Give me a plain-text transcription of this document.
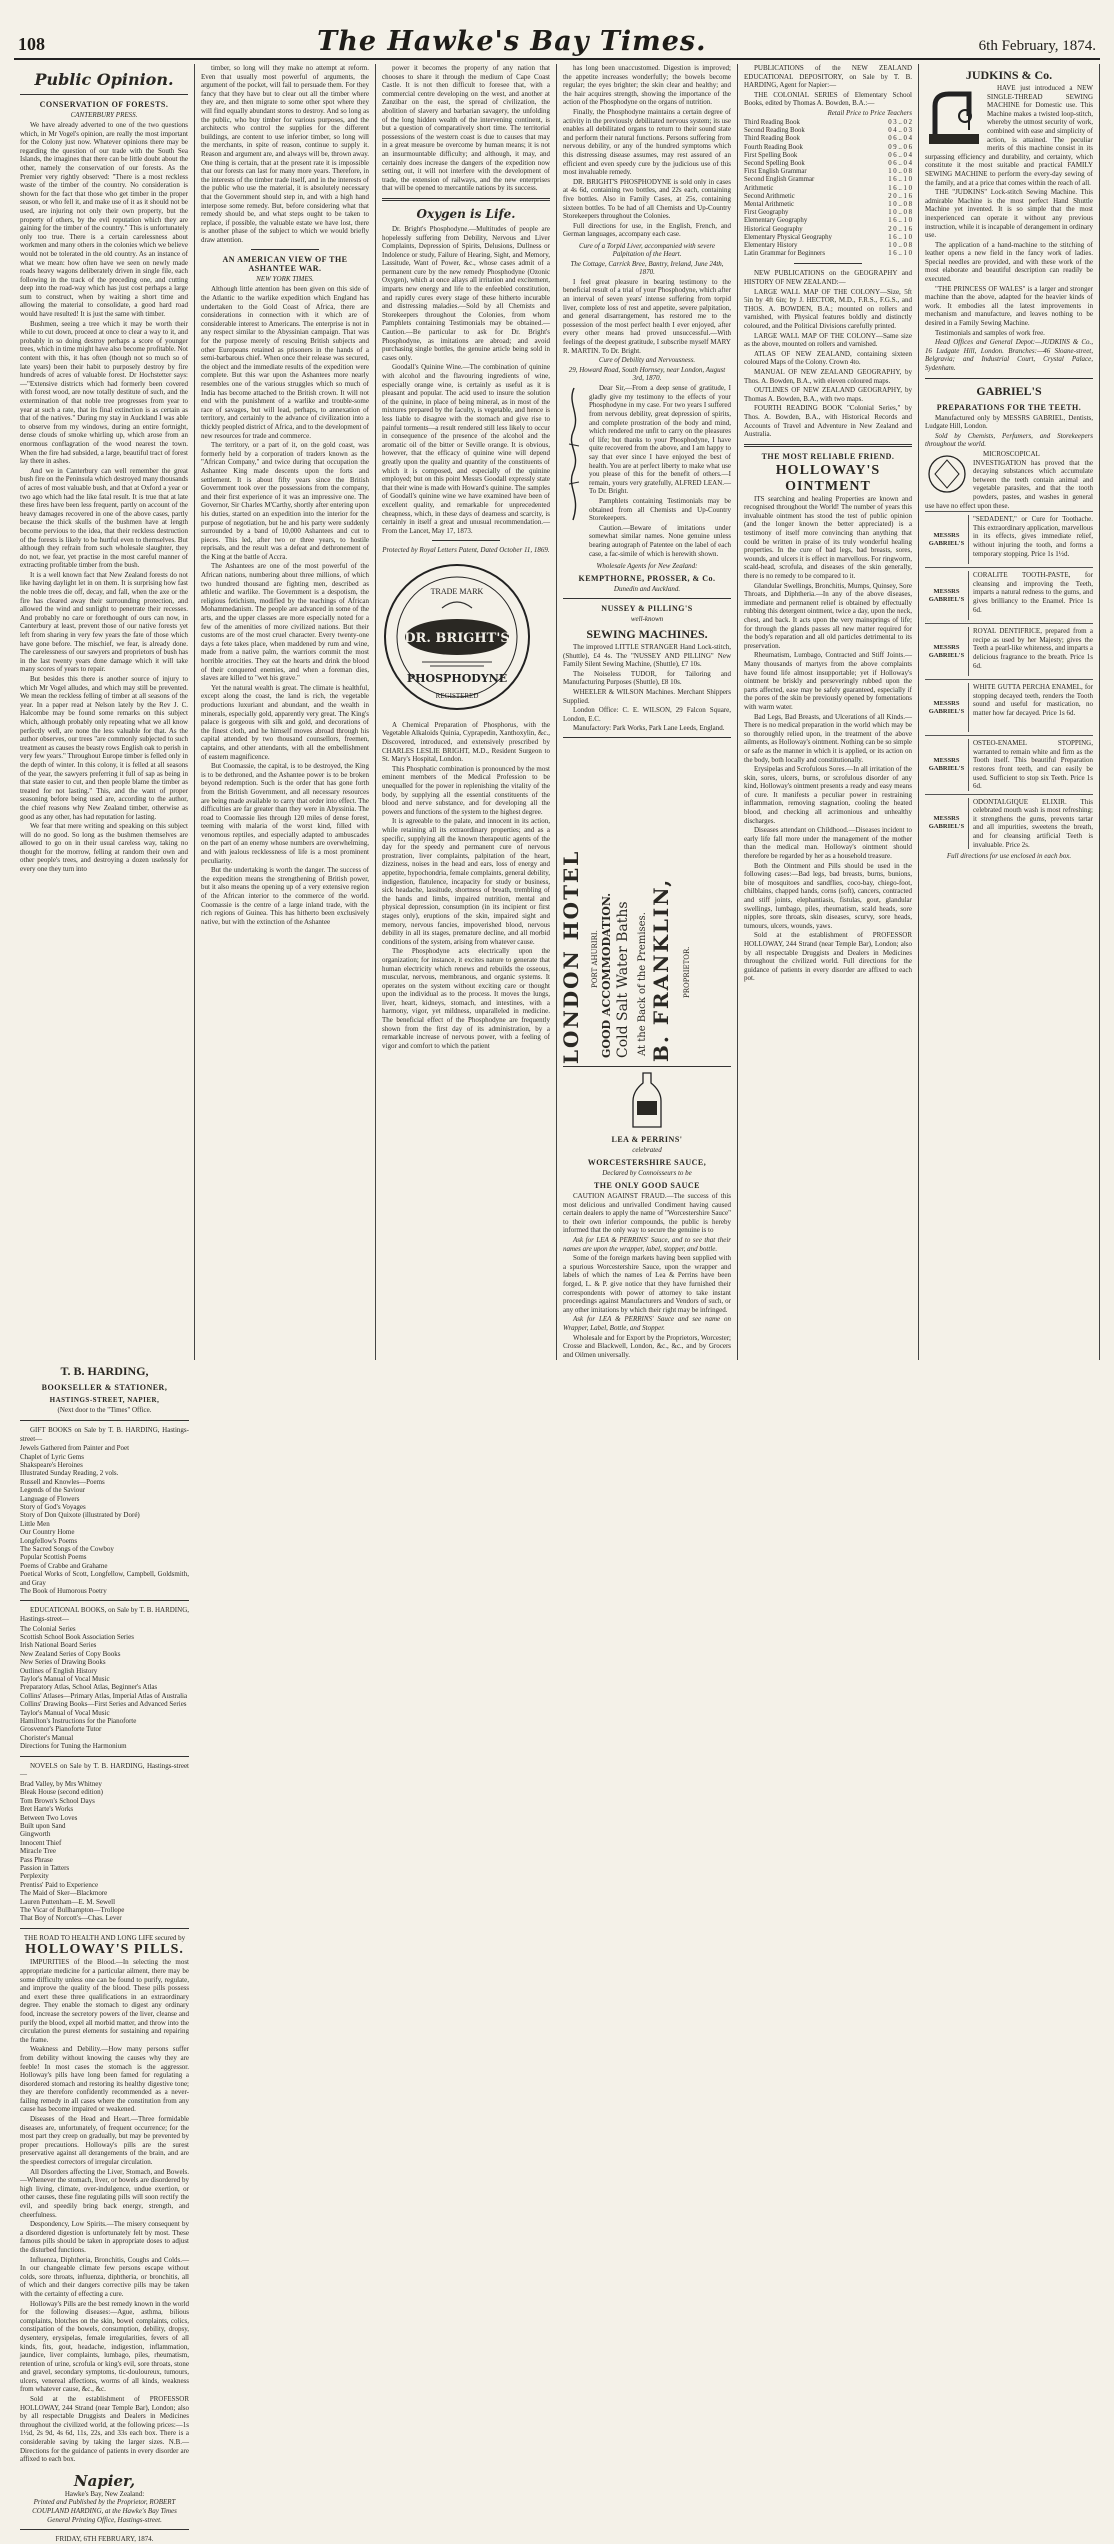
108	The Hawke's Bay Times.	6th February, 1874.
Public Opinion.
CONSERVATION OF FORESTS.
CANTERBURY PRESS.
We have already adverted to one of the two questions which, in Mr Vogel's opinion, are really the most important for the Colony just now. Whatever opinions there may be regarding the question of our trade with the South Sea Islands, the imagines that there can be little doubt about the other, namely the conservation of our forests. As the Premier very rightly observed: "There is a most reckless waste of the timber of the country. No consideration is shown for the fact that those who get timber in the proper season, or who fell it, and make use of it as it should not be used, are injuring not only their own property, but the property of others, by the evil reputation which they are gaining for the timber of the country." This is unfortunately only too true. There is a certain carelessness about workmen and many others in the colonies which we believe would not be tolerated in the old country. As an instance of what we mean: how often have we seen on newly made roads heavy wagons deliberately driven in single file, each following in the track of the preceding one, and cutting deep into the road-way which has just cost perhaps a large sum to construct, when by waiting a short time and allowing the material to consolidate, a good hard road would have resulted! It is just the same with timber.
Bushmen, seeing a tree which it may be worth their while to cut down, proceed at once to clear a way to it, and probably in so doing destroy perhaps a score of younger trees, which in time might have also become profitable. Not content with this, it has often (though not so much so of late years) been their habit to purposely destroy by fire hundreds of acres of valuable forest. Dr Hochstetter says:—"Extensive districts which had formerly been covered with forest wood, are now totally destitute of such, and the extermination of that noble tree progresses from year to year at such a rate, that its final extinction is as certain as that of the natives." During my stay in Auckland I was able to observe from my windows, during an entire fortnight, dense clouds of smoke whirling up, which arose from an enormous conflagration of the wood nearest the town. When the fire had subsided, a large, beautiful tract of forest lay there in ashes.
And we in Canterbury can well remember the great bush fire on the Peninsula which destroyed many thousands of acres of most valuable bush, and that at Oxford a year or two ago which had the like fatal result. It is true that at late these fires have been less frequent, partly on account of the heavy damages recovered in one of the above cases, partly because the thick skulls of the bushmen have at length become pervious to the idea, that their reckless destruction of the forests is likely to be hurtful even to themselves. But although they refrain from such wholesale slaughter, they do not, we fear, yet practise in the most careful manner of extracting profitable timber from the bush.
It is a well known fact that New Zealand forests do not like having daylight let in on them. It is surprising how fast the noble trees die off, decay, and fall, when the axe or the fire has cleared away their surrounding protection, and allowed the wind and sunlight to penetrate their recesses. And probably no care or forethought of ours can now, in Canterbury at least, prevent those of our native forests yet left from sharing in very few years the fate of those which have gone before. The mischief, we fear, is already done. The carelessness of our sawyers and proprietors of bush has in the last twenty years done damage which it will take many scores of years to repair.
But besides this there is another source of injury to which Mr Vogel alludes, and which may still be prevented. We mean the reckless felling of timber at all seasons of the year. In a paper read at Nelson lately by the Rev J. C. Halcombe may be found some remarks on this subject which, although probably only repeating what we all know perfectly well, are none the less valuable for that. As the author observes, our trees "are commonly subjected to such treatment as causes the beasty rows English oak to perish in very few years." Throughout Europe timber is felled only in the depth of winter. In this colony, it is felled at all seasons of the year, the sawyers preferring it full of sap as being in that state easier to cut, and then people blame the timber as treated for not lasting." This, and the want of proper seasoning before being used are, according to the author, the chief reasons why New Zealand timber, otherwise as good as any other, has had reputation for lasting.
We fear that mere writing and speaking on this subject will do no good. So long as the bushmen themselves are allowed to go on in their usual careless way, taking no thought for the morrow, felling at random their own and other people's trees, and destroying a dozen uselessly for every one they turn into
timber, so long will they make no attempt at reform. Even that usually most powerful of arguments, the argument of the pocket, will fail to persuade them. For they fancy that they have but to clear out all the timber where they are, and then migrate to some other spot where they will find equally abundant stores to destroy. And so long as the public, who buy timber for various purposes, and the architects who control the supplies for the different buildings, are content to use inferior timber, so long will the merchants, in spite of reason, continue to supply it. Reason and argument are, and always will be, thrown away. One thing is certain, that at the present rate it is impossible that our forests can last for many more years. Therefore, in the interests of the timber trade itself, and in the interests of the public who use the material, it is absolutely necessary that the Government should step in, and with a high hand interpose some remedy. But, before considering what that remedy should be, and what steps ought to be taken to replace, if possible, the valuable estate we have lost, there is another phase of the subject to which we would briefly draw attention.
AN AMERICAN VIEW OF THE ASHANTEE WAR.
NEW YORK TIMES.
Although little attention has been given on this side of the Atlantic to the warlike expedition which England has undertaken to the Gold Coast of Africa, there are considerations in connection with it which are of considerable interest to Americans. The enterprise is not in any respect similar to the Abyssinian campaign. That was for the purpose merely of rescuing British subjects and other Europeans retained as prisoners in the hands of a semi-barbarous chief. When once their release was secured, the object and the immediate results of the expedition were complete. But this war upon the Ashantees more nearly resembles one of the various struggles which so much of India has become attached to the British crown. It will not end with the punishment of a warlike and trouble-some race of savages, but will lead, perhaps, to annexation of territory, and certainly to the advance of civilization into a thickly peopled district of Africa, and to the development of new resources for trade and commerce.
The territory, or a part of it, on the gold coast, was formerly held by a corporation of traders known as the "African Company," and twice during that occupation the Ashantee King made descents upon the forts and settlement. It is about fifty years since the British Government took over the possessions from the company, and their first experience of it was an impressive one. The Governor, Sir Charles M'Carthy, shortly after entering upon his duties, started on an expedition into the interior for the purpose of negotiation, but he and his party were suddenly surrounded by a band of 10,000 Ashantees and cut to pieces. This led, after two or three years, to hostile reprisals, and the result was a defeat and dethronement of the King at the battle of Accra.
The Ashantees are one of the most powerful of the African nations, numbering about three millions, of which two hundred thousand are fighting men, described as athletic and warlike. The Government is a despotism, the religious fetichism, modified by the teachings of African Mohammedanism. The people are advanced in some of the arts, and the upper classes are more especially noted for a few of the amenities of more civilized nations. But their customs are of the most cruel character. Every twenty-one days a fete takes place, when maddened by rum and wine, made from a native palm, the warriors commit the most horrible atrocities. They eat the hearts and drink the blood of their conquered enemies, and when a foreman dies, slaves are killed to "wet his grave."
Yet the natural wealth is great. The climate is healthful, except along the coast, the land is rich, the vegetable productions luxuriant and abundant, and the wealth in minerals, especially gold, apparently very great. The King's palace is gorgeous with silk and gold, and decorations of the finest cloth, and he himself moves abroad through his capital attended by two thousand counsellors, freemen, captains, and other attendants, with all the embellishment of eastern magnificence.
But Coomassie, the capital, is to be destroyed, the King is to be dethroned, and the Ashantee power is to be broken beyond redemption. Such is the order that has gone forth from the British Government, and all necessary resources are being made available to carry that order into effect. The difficulties are far greater than they were in Abyssinia. The road to Coomassie lies through 120 miles of dense forest, teeming with malaria of the worst kind, filled with venomous reptiles, and especially adapted to ambuscades on the part of an enemy whose numbers are overwhelming, and with jealous recklessness of life is a most prominent peculiarity.
But the undertaking is worth the danger. The success of the expedition means the strengthening of British power, but it also means the opening up of a very extensive region of the African interior to the commerce of the world. Coomassie is the centre of a large inland trade, with the rich regions of Guinea. This has hitherto been exclusively native, but with the extinction of the Ashantee
power it becomes the property of any nation that chooses to share it through the medium of Cape Coast Castle. It is not then difficult to foresee that, with a commercial centre developing on the west, and another at Zanzibar on the east, the spread of civilization, the abolition of slavery and barbarian savagery, the unfolding of the long hidden wealth of the intervening continent, is but a question of comparatively short time. The territorial possessions of the western coast is due to causes that may in a great measure be overcome by human means; it is not an insurmountable difficulty; and although, it may, and certainly does increase the dangers of the expedition now setting out, it will not interfere with the development of trade, the extension of railways, and the new enterprises that will be opened to mercantile nations by its success.
Oxygen is Life.
Dr. Bright's Phosphodyne.—Multitudes of people are hopelessly suffering from Debility, Nervous and Liver Complaints, Depression of Spirits, Delusions, Dullness or Indolence or study, Failure of Hearing, Sight, and Memory, Lassitude, Want of Power, &c., whose cases admit of a permanent cure by the new remedy Phosphodyne (Ozonic Oxygen), which at once allays all irritation and excitement, imparts new energy and life to the enfeebled constitution, and rapidly cures every stage of these hitherto incurable and distressing maladies.—Sold by all Chemists and Storekeepers throughout the Colonies, from whom Pamphlets containing Testimonials may be obtained.—Caution.—Be particular to ask for Dr. Bright's Phosphodyne, as imitations are abroad; and avoid purchasing single bottles, the genuine article being sold in cases only.
Goodall's Quinine Wine.—The combination of quinine with alcohol and the flavouring ingredients of wine, especially orange wine, is certainly as useful as it is pleasant and popular. The acid used to insure the solution of the quinine, in place of being mineral, as in most of the mixtures prepared by the faculty, is vegetable, and hence is less liable to disagree with the stomach and give rise to painful torments—a result rendered still less likely to occur in consequence of the presence of the alcohol and the aromatic oil of the bitter or Seville orange. It is obvious, however, that the efficacy of quinine wine will depend greatly upon the quality and quantity of the constituents of which it is composed, and especially of the quinine employed; but on this point Messrs Goodall expressly state that their wine is made with Howard's quinine. The samples of Goodall's quinine wine we have examined have been of excellent quality, and remarkable for unprecedented cheapness, which, in these days of dearness and scarcity, is certainly in itself a great and unusual recommendation.—From the Lancet, May 17, 1873.
Protected by Royal Letters Patent, Dated October 11, 1869.
DR. BRIGHT'S
TRADE MARK
PHOSPHODYNE
REGISTERED
A Chemical Preparation of Phosphorus, with the Vegetable Alkaloids Quinia, Cyprapedin, Xanthoxylin, &c., Discovered, introduced, and extensively prescribed by CHARLES LESLIE BRIGHT, M.D., Resident Surgeon to St. Mary's Hospital, London.
This Phosphatic combination is pronounced by the most eminent members of the Medical Profession to be unequalled for the power in replenishing the vitality of the body, by supplying all the essential constituents of the blood and nerve substance, and for developing all the powers and functions of the system to the highest degree.
It is agreeable to the palate, and innocent in its action, while retaining all its extraordinary properties; and as a specific, supplying all the known therapeutic agents of the day for the speedy and permanent cure of nervous prostration, liver complaints, palpitation of the heart, dizziness, noises in the head and ears, loss of energy and appetite, hypochondria, female complaints, general debility, indigestion, flatulence, incapacity for study or business, sick headache, lassitude, shortness of breath, trembling of the hands and limbs, impaired nutrition, mental and physical depression, consumption (in its incipient or first stages only), eruptions of the skin, impaired sight and memory, nervous fancies, impoverished blood, nervous debility in all its stages, premature decline, and all morbid conditions of the system, arising from whatever cause.
The Phosphodyne acts electrically upon the organization; for instance, it excites nature to generate that human electricity which renews and rebuilds the osseous, muscular, nervous, membranous, and organic systems. It operates on the system without exciting care or thought upon the individual as to the process. It moves the lungs, liver, heart, kidneys, stomach, and intestines, with a harmony, vigor, yet mildness, unparalleled in medicine. The beneficial effect of the Phosphodyne are frequently shown from the first day of its administration, by a remarkable increase of nervous power, with a feeling of vigor and comfort to which the patient
has long been unaccustomed. Digestion is improved; the appetite increases wonderfully; the bowels become regular; the eyes brighter; the skin clear and healthy; and the hair acquires strength, showing the importance of the action of the Phosphodyne on the organs of nutrition.
Finally, the Phosphodyne maintains a certain degree of activity in the previously debilitated nervous system; its use enables all debilitated organs to return to their sound state and perform their natural functions. Persons suffering from nervous debility, or any of the hundred symptoms which this distressing disease assumes, may rest assured of an efficient and even speedy cure by the judicious use of this most invaluable remedy.
DR. BRIGHT'S PHOSPHODYNE is sold only in cases at 4s 6d, containing two bottles, and 22s each, containing five bottles. Also in Family Cases, at 25s, containing sixteen bottles. To be had of all Chemists and Up-Country Storekeepers throughout the Colonies.
Full directions for use, in the English, French, and German languages, accompany each case.
Cure of a Torpid Liver, accompanied with severe Palpitation of the Heart.
The Cottage, Carrick Bree, Bantry, Ireland, June 24th, 1870.
I feel great pleasure in bearing testimony to the beneficial result of a trial of your Phosphodyne, which after an interval of seven years' intense suffering from torpid liver, complete loss of rest and appetite, severe palpitation, and general disarrangement, has restored me to the possession of the most perfect health I ever enjoyed, after every other means had proved unsuccessful.—With feelings of the deepest gratitude, I subscribe myself MARY R. MARTIN. To Dr. Bright.
Cure of Debility and Nervousness.
29, Howard Road, South Hornsey, near London, August 3rd, 1870.
Dear Sir,—From a deep sense of gratitude, I gladly give my testimony to the effects of your Phosphodyne in my case. For two years I suffered from nervous debility, great depression of spirits, and complete prostration of the body and mind, which rendered me unfit to carry on the pleasures of life; but thanks to your Phosphodyne, I have quite recovered from the above, and I am happy to say that ever since I have enjoyed the best of health. You are at perfect liberty to make what use you please of this for the benefit of others.—I remain, yours very gratefully, ALFRED LEAN.—To Dr. Bright.
Pamphlets containing Testimonials may be obtained from all Chemists and Up-Country Storekeepers.
Caution.—Beware of imitations under somewhat similar names. None genuine unless bearing autograph of Patentee on the label of each case, a fac-simile of which is herewith shown.
Wholesale Agents for New Zealand:
KEMPTHORNE, PROSSER, & Co.
Dunedin and Auckland.
NUSSEY & PILLING'S
well-known
SEWING MACHINES.
The improved LITTLE STRANGER Hand Lock-stitch, (Shuttle), £4 4s. The "NUSSEY AND PILLING" New Family Silent Sewing Machine, (Shuttle), £7 10s.
The Noiseless TUDOR, for Tailoring and Manufacturing Purposes (Shuttle), £8 10s.
WHEELER & WILSON Machines. Merchant Shippers Supplied.
London Office: C. E. WILSON, 29 Falcon Square, London, E.C.
Manufactory: Park Works, Park Lane Leeds, England.
LONDON HOTEL PORT AHURIRI. GOOD ACCOMMODATION. Cold Salt Water Baths At the Back of the Premises. B. FRANKLIN, PROPRIETOR.
LEA & PERRINS'
celebrated
WORCESTERSHIRE SAUCE,
Declared by Connoisseurs to be
THE ONLY GOOD SAUCE
CAUTION AGAINST FRAUD.—The success of this most delicious and unrivalled Condiment having caused certain dealers to apply the name of "Worcestershire Sauce" to their own inferior compounds, the public is hereby informed that the only way to secure the genuine is to
Ask for LEA & PERRINS' Sauce, and to see that their names are upon the wrapper, label, stopper, and bottle.
Some of the foreign markets having been supplied with a spurious Worcestershire Sauce, upon the wrapper and labels of which the names of Lea & Perrins have been forged, L. & P. give notice that they have furnished their correspondents with power of attorney to take instant proceedings against Manufacturers and Vendors of such, or any other imitations by which their right may be infringed.
Ask for LEA & PERRINS' Sauce and see name on Wrapper, Label, Bottle, and Stopper.
Wholesale and for Export by the Proprietors, Worcester; Crosse and Blackwell, London, &c., &c., and by Grocers and Oilmen universally.
PUBLICATIONS of the NEW ZEALAND EDUCATIONAL DEPOSITORY, on Sale by T. B. HARDING, Agent for Napier:—
THE COLONIAL SERIES of Elementary School Books, edited by Thomas A. Bowden, B.A.:—
Retail Price to Price Teachers
Third Reading Book	0 3 .. 0 2
Second Reading Book	0 4 .. 0 3
Third Reading Book	0 6 .. 0 4
Fourth Reading Book	0 9 .. 0 6
First Spelling Book	0 6 .. 0 4
Second Spelling Book	0 6 .. 0 4
First English Grammar	1 0 .. 0 8
Second English Grammar	1 6 .. 1 0
Arithmetic	1 6 .. 1 0
Second Arithmetic	2 0 .. 1 6
Mental Arithmetic	1 0 .. 0 8
First Geography	1 0 .. 0 8
Elementary Geography	1 6 .. 1 0
Historical Geography	2 0 .. 1 6
Elementary Physical Geography	1 6 .. 1 0
Elementary History	1 0 .. 0 8
Latin Grammar for Beginners	1 6 .. 1 0
NEW PUBLICATIONS on the GEOGRAPHY and HISTORY OF NEW ZEALAND:—
LARGE WALL MAP OF THE COLONY—Size, 5ft 5in by 4ft 6in; by J. HECTOR, M.D., F.R.S., F.G.S., and THOS. A. BOWDEN, B.A.; mounted on rollers and varnished, with Physical features boldly and distinctly coloured, and the Political Divisions carefully printed.
LARGE WALL MAP OF THE COLONY—Same size as the above, mounted on rollers and varnished.
ATLAS OF NEW ZEALAND, containing sixteen coloured Maps of the Colony. Crown 4to.
MANUAL OF NEW ZEALAND GEOGRAPHY, by Thos. A. Bowden, B.A., with eleven coloured maps.
OUTLINES OF NEW ZEALAND GEOGRAPHY, by Thomas A. Bowden, B.A., with two maps.
FOURTH READING BOOK "Colonial Series," by Thos. A. Bowden, B.A., with Historical Records and Accounts of Travel and Adventure in New Zealand and Australia.
THE MOST RELIABLE FRIEND.
HOLLOWAY'S OINTMENT
ITS searching and healing Properties are known and recognised throughout the World! The number of years this invaluable ointment has stood the test of public opinion (and the longer known the better appreciated) is a testimony of itself more convincing than anything that could be written in praise of its truly wonderful healing properties. In the cure of bad legs, bad breasts, sores, wounds, and ulcers it is effect in marvellous. For ringworm, scald-head, scrofula, and diseases of the skin generally, there is no remedy to be compared to it.
Glandular Swellings, Bronchitis, Mumps, Quinsey, Sore Throats, and Diphtheria.—In any of the above diseases, immediate and permanent relief is obtained by effectually rubbing this detergent ointment, twice a day, upon the neck, chest, and back. It acts upon the very mainsprings of life; for through the glands passes all new matter required for the body's reparation and all old particles detrimental to its preservation.
Rheumatism, Lumbago, Contracted and Stiff Joints.—Many thousands of martyrs from the above complaints have found life almost insupportable; yet if Holloway's ointment be briskly and perseveringly rubbed upon the parts affected, ease may be safely guaranteed, especially if the pores of the skin be previously opened by fomentations with warm water.
Bad Legs, Bad Breasts, and Ulcerations of all Kinds.—There is no medical preparation in the world which may be so thoroughly relied upon, in the treatment of the above ailments, as Holloway's ointment. Nothing can be so simple or safe as the manner in which it is applied, or its action on the body, both locally and constitutionally.
Erysipelas and Scrofulous Sores.—In all irritation of the skin, sores, ulcers, burns, or scrofulous disorder of any kind, Holloway's ointment presents a ready and easy means of cure. It manifests a peculiar power in restraining inflammation, removing stagnation, cooling the heated blood, and checking all acrimonious and unhealthy discharges.
Diseases attendant on Childhood.—Diseases incident to early life fall more under the management of the mother than the medical man. Holloway's ointment should therefore be regarded by her as a household treasure.
Both the Ointment and Pills should be used in the following cases:—Bad legs, bad breasts, burns, bunions, bite of mosquitoes and sandflies, coco-bay, chiego-foot, chilblains, chapped hands, corns (soft), cancers, contracted and stiff joints, elephantiasis, fistulas, gout, glandular swellings, lumbago, piles, rheumatism, scald heads, sore nipples, sore throats, skin diseases, scurvy, sore heads, tumours, ulcers, wounds, yaws.
Sold at the establishment of PROFESSOR HOLLOWAY, 244 Strand (near Temple Bar), London; also by all respectable Druggists and Dealers in Medicines throughout the civilized world. Full directions for the guidance of patients in every disorder are affixed to each pot.
JUDKINS & Co.
HAVE just introduced a NEW SINGLE-THREAD SEWING MACHINE for Domestic use. This Machine makes a twisted loop-stitch, whereby the utmost security of work, combined with ease and simplicity of action, is attained. The peculiar merits of this machine consist in its surpassing efficiency and durability, and certainty, which constitute it the most suitable and practical FAMILY SEWING MACHINE to perform the every-day sewing of the family, and at a price that comes within the reach of all.
THE "JUDKINS" Lock-stitch Sewing Machine. This admirable Machine is the most perfect Hand Shuttle Machine yet invented. It is so simple that the most inexperienced can operate it without any previous instruction, while it is incapable of derangement in ordinary use.
The application of a hand-machine to the stitching of leather opens a new field in the fancy work of ladies. Special needles are provided, and with these work of the most elaborate and beautiful description can readily be executed.
"THE PRINCESS OF WALES" is a larger and stronger machine than the above, adapted for the heavier kinds of work. It embodies all the latest improvements in mechanism and manufacture, and leaves nothing to be desired in a Family Sewing Machine.
Testimonials and samples of work free.
Head Offices and General Depot:—JUDKINS & Co., 16 Ludgate Hill, London. Branches:—46 Sloane-street, Belgravia; and Industrial Court, Crystal Palace, Sydenham.
GABRIEL'S
PREPARATIONS FOR THE TEETH.
Manufactured only by MESSRS GABRIEL, Dentists, Ludgate Hill, London.
Sold by Chemists, Perfumers, and Storekeepers throughout the world.
MICROSCOPICAL INVESTIGATION has proved that the decaying substances which accumulate between the teeth contain animal and vegetable parasites, and that the tooth powders, pastes, and washes in general use have no effect upon these.
MESSRS GABRIEL'S
"SEDADENT," or Cure for Toothache. This extraordinary application, marvellous in its effects, gives immediate relief, without injuring the tooth, and forms a temporary stopping. Price 1s 1½d.
MESSRS GABRIEL'S
CORALITE TOOTH-PASTE, for cleansing and improving the Teeth, imparts a natural redness to the gums, and gives brilliancy to the Enamel. Price 1s 6d.
MESSRS GABRIEL'S
ROYAL DENTIFRICE, prepared from a recipe as used by her Majesty; gives the Teeth a pearl-like whiteness, and imparts a delicious fragrance to the breath. Price 1s 6d.
MESSRS GABRIEL'S
WHITE GUTTA PERCHA ENAMEL, for stopping decayed teeth, renders the Tooth sound and useful for mastication, no matter how far decayed. Price 1s 6d.
MESSRS GABRIEL'S
OSTEO-ENAMEL STOPPING, warranted to remain white and firm as the Tooth itself. This beautiful Preparation restores front teeth, and can easily be used. Sufficient to stop six Teeth. Price 1s 6d.
MESSRS GABRIEL'S
ODONTALGIQUE ELIXIR. This celebrated mouth wash is most refreshing; it strengthens the gums, prevents tartar and all impurities, sweetens the breath, and for cleansing artificial Teeth is invaluable. Price 2s.
Full directions for use enclosed in each box.
T. B. HARDING,
BOOKSELLER & STATIONER,
HASTINGS-STREET, NAPIER,
(Next door to the "Times" Office.
GIFT BOOKS on Sale by T. B. HARDING, Hastings-street—
Jewels Gathered from Painter and Poet
Chaplet of Lyric Gems
Shakspeare's Heroines
Illustrated Sunday Reading, 2 vols.
Russell and Knowles—Poems
Legends of the Saviour
Language of Flowers
Story of God's Voyages
Story of Don Quixote (illustrated by Doré)
Little Men
Our Country Home
Longfellow's Poems
The Sacred Songs of the Cowboy
Popular Scottish Poems
Poems of Crabbe and Grahame
Poetical Works of Scott, Longfellow, Campbell, Goldsmith, and Gray
The Book of Humorous Poetry
EDUCATIONAL BOOKS, on Sale by T. B. HARDING, Hastings-street—
The Colonial Series
Scottish School Book Association Series
Irish National Board Series
New Zealand Series of Copy Books
New Series of Drawing Books
Outlines of English History
Taylor's Manual of Vocal Music
Preparatory Atlas, School Atlas, Beginner's Atlas
Collins' Atlases—Primary Atlas, Imperial Atlas of Australia
Collins' Drawing Books—First Series and Advanced Series
Taylor's Manual of Vocal Music
Hamilton's Instructions for the Pianoforte
Grosvenor's Pianoforte Tutor
Chorister's Manual
Directions for Tuning the Harmonium
NOVELS on Sale by T. B. HARDING, Hastings-street—
Brad Valley, by Mrs Whitney
Bleak House (second edition)
Tom Brown's School Days
Bret Harte's Works
Between Two Loves
Built upon Sand
Gingworth
Innocent Thief
Miracle Tree
Pass Phrase
Passion in Tatters
Perplexity
Prentiss' Paid to Experience
The Maid of Sker—Blackmore
Lauren Puttenham—E. M. Sewell
The Vicar of Bullhampton—Trollope
That Boy of Norcott's—Chas. Lever
THE ROAD TO HEALTH AND LONG LIFE secured by
HOLLOWAY'S PILLS.
IMPURITIES of the Blood.—In selecting the most appropriate medicine for a particular ailment, there may be some difficulty unless one can be found to purify, regulate, and improve the quality of the blood. These pills possess and exert these three qualifications in an extraordinary degree. They enable the stomach to digest any ordinary food, increase the secretory powers of the liver, cleanse and purify the blood, expel all morbid matter, and throw into the circulation the purest elements for sustaining and repairing the frame.
Weakness and Debility.—How many persons suffer from debility without knowing the causes why they are feeble! In most cases the stomach is the aggressor. Holloway's pills have long been famed for regulating a disordered stomach and restoring its healthy digestive tone; they are therefore confidently recommended as a never-failing remedy in all cases where the constitution from any cause has become impaired or weakened.
Diseases of the Head and Heart.—Three formidable diseases are, unfortunately, of frequent occurrence; for the most part they creep on gradually, but may be prevented by proper precautions. Holloway's pills are the surest preservative against all derangements of the brain, and are the speediest correctors of irregular circulation.
All Disorders affecting the Liver, Stomach, and Bowels.—Whenever the stomach, liver, or bowels are disordered by high living, climate, over-indulgence, undue exertion, or other causes, these fine regulating pills will soon rectify the evil, and speedily bring back energy, strength, and cheerfulness.
Despondency, Low Spirits.—The misery consequent by a disordered digestion is unfortunately felt by most. These famous pills should be taken in appropriate doses to adjust the disturbed functions.
Influenza, Diphtheria, Bronchitis, Coughs and Colds.—In our changeable climate few persons escape without colds, sore throats, influenza, diphtheria, or bronchitis, all of which and their dangers corrective pills may be taken with the certainty of effecting a cure.
Holloway's Pills are the best remedy known in the world for the following diseases:—Ague, asthma, bilious complaints, blotches on the skin, bowel complaints, colics, constipation of the bowels, consumption, debility, dropsy, dysentery, erysipelas, female irregularities, fevers of all kinds, fits, gout, headache, indigestion, inflammation, jaundice, liver complaints, lumbago, piles, rheumatism, retention of urine, scrofula or king's evil, sore throats, stone and gravel, secondary symptoms, tic-douloureux, tumours, ulcers, venereal affections, worms of all kinds, weakness from whatever cause, &c., &c.
Sold at the establishment of PROFESSOR HOLLOWAY, 244 Strand (near Temple Bar), London; also by all respectable Druggists and Dealers in Medicines throughout the civilized world, at the following prices:—1s 1½d, 2s 9d, 4s 6d, 11s, 22s, and 33s each box. There is a considerable saving by taking the larger sizes. N.B.—Directions for the guidance of patients in every disorder are affixed to each box.
Napier,
Hawke's Bay, New Zealand:
Printed and Published by the Proprietor, ROBERT COUPLAND HARDING, at the Hawke's Bay Times General Printing Office, Hastings-street.
FRIDAY, 6TH FEBRUARY, 1874.
